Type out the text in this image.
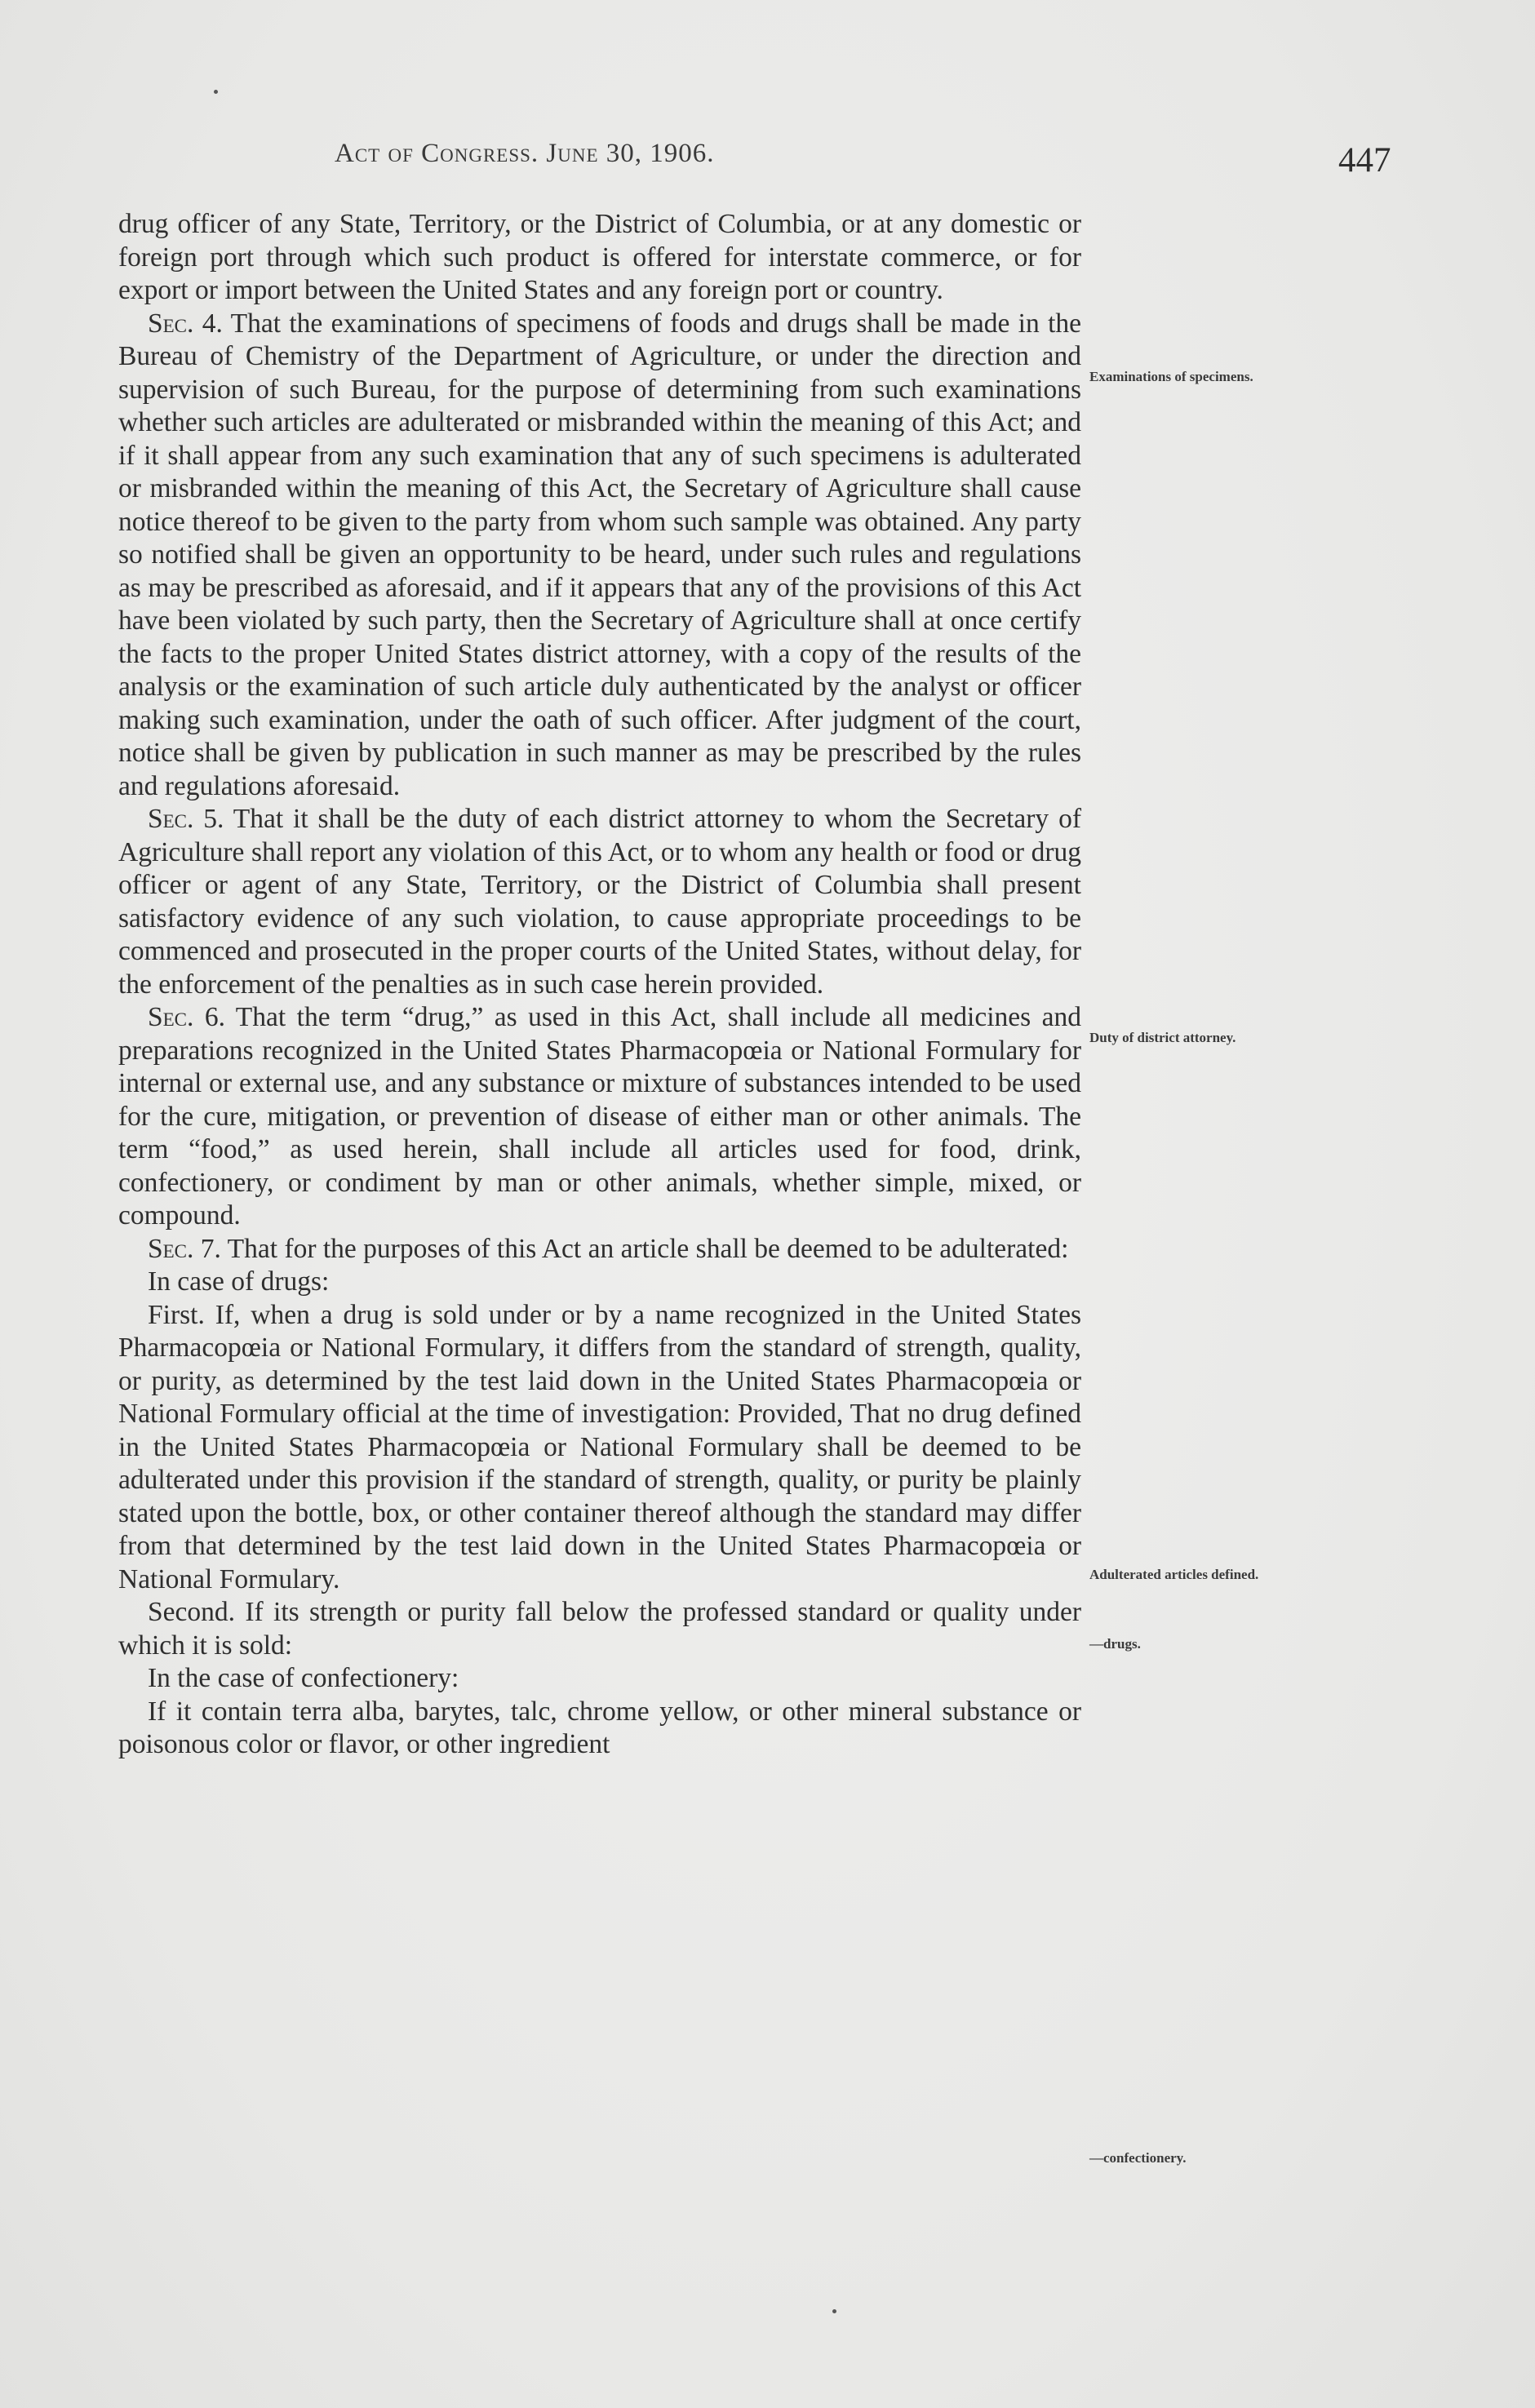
Act of Congress. June 30, 1906.	447

drug officer of any State, Territory, or the District of Columbia, or at any domestic or foreign port through which such product is offered for interstate commerce, or for export or import between the United States and any foreign port or country.

Sec. 4. That the examinations of specimens of foods and drugs shall be made in the Bureau of Chemistry of the Department of Agriculture, or under the direction and supervision of such Bureau, for the purpose of determining from such examinations whether such articles are adulterated or misbranded within the meaning of this Act; and if it shall appear from any such examination that any of such specimens is adulterated or misbranded within the meaning of this Act, the Secretary of Agriculture shall cause notice thereof to be given to the party from whom such sample was obtained. Any party so notified shall be given an opportunity to be heard, under such rules and regulations as may be prescribed as aforesaid, and if it appears that any of the provisions of this Act have been violated by such party, then the Secretary of Agriculture shall at once certify the facts to the proper United States district attorney, with a copy of the results of the analysis or the examination of such article duly authenticated by the analyst or officer making such examination, under the oath of such officer. After judgment of the court, notice shall be given by publication in such manner as may be prescribed by the rules and regulations aforesaid.

Sec. 5. That it shall be the duty of each district attorney to whom the Secretary of Agriculture shall report any violation of this Act, or to whom any health or food or drug officer or agent of any State, Territory, or the District of Columbia shall present satisfactory evidence of any such violation, to cause appropriate proceedings to be commenced and prosecuted in the proper courts of the United States, without delay, for the enforcement of the penalties as in such case herein provided.

Sec. 6. That the term “drug,” as used in this Act, shall include all medicines and preparations recognized in the United States Pharmacopœia or National Formulary for internal or external use, and any substance or mixture of substances intended to be used for the cure, mitigation, or prevention of disease of either man or other animals. The term “food,” as used herein, shall include all articles used for food, drink, confectionery, or condiment by man or other animals, whether simple, mixed, or compound.

Sec. 7. That for the purposes of this Act an article shall be deemed to be adulterated:

In case of drugs:

First. If, when a drug is sold under or by a name recognized in the United States Pharmacopœia or National Formulary, it differs from the standard of strength, quality, or purity, as determined by the test laid down in the United States Pharmacopœia or National Formulary official at the time of investigation: Provided, That no drug defined in the United States Pharmacopœia or National Formulary shall be deemed to be adulterated under this provision if the standard of strength, quality, or purity be plainly stated upon the bottle, box, or other container thereof although the standard may differ from that determined by the test laid down in the United States Pharmacopœia or National Formulary.

Second. If its strength or purity fall below the professed standard or quality under which it is sold:

In the case of confectionery:

If it contain terra alba, barytes, talc, chrome yellow, or other mineral substance or poisonous color or flavor, or other ingredient

Examinations of specimens.
Duty of district attorney.
Adulterated articles defined.
—drugs.
—confectionery.
